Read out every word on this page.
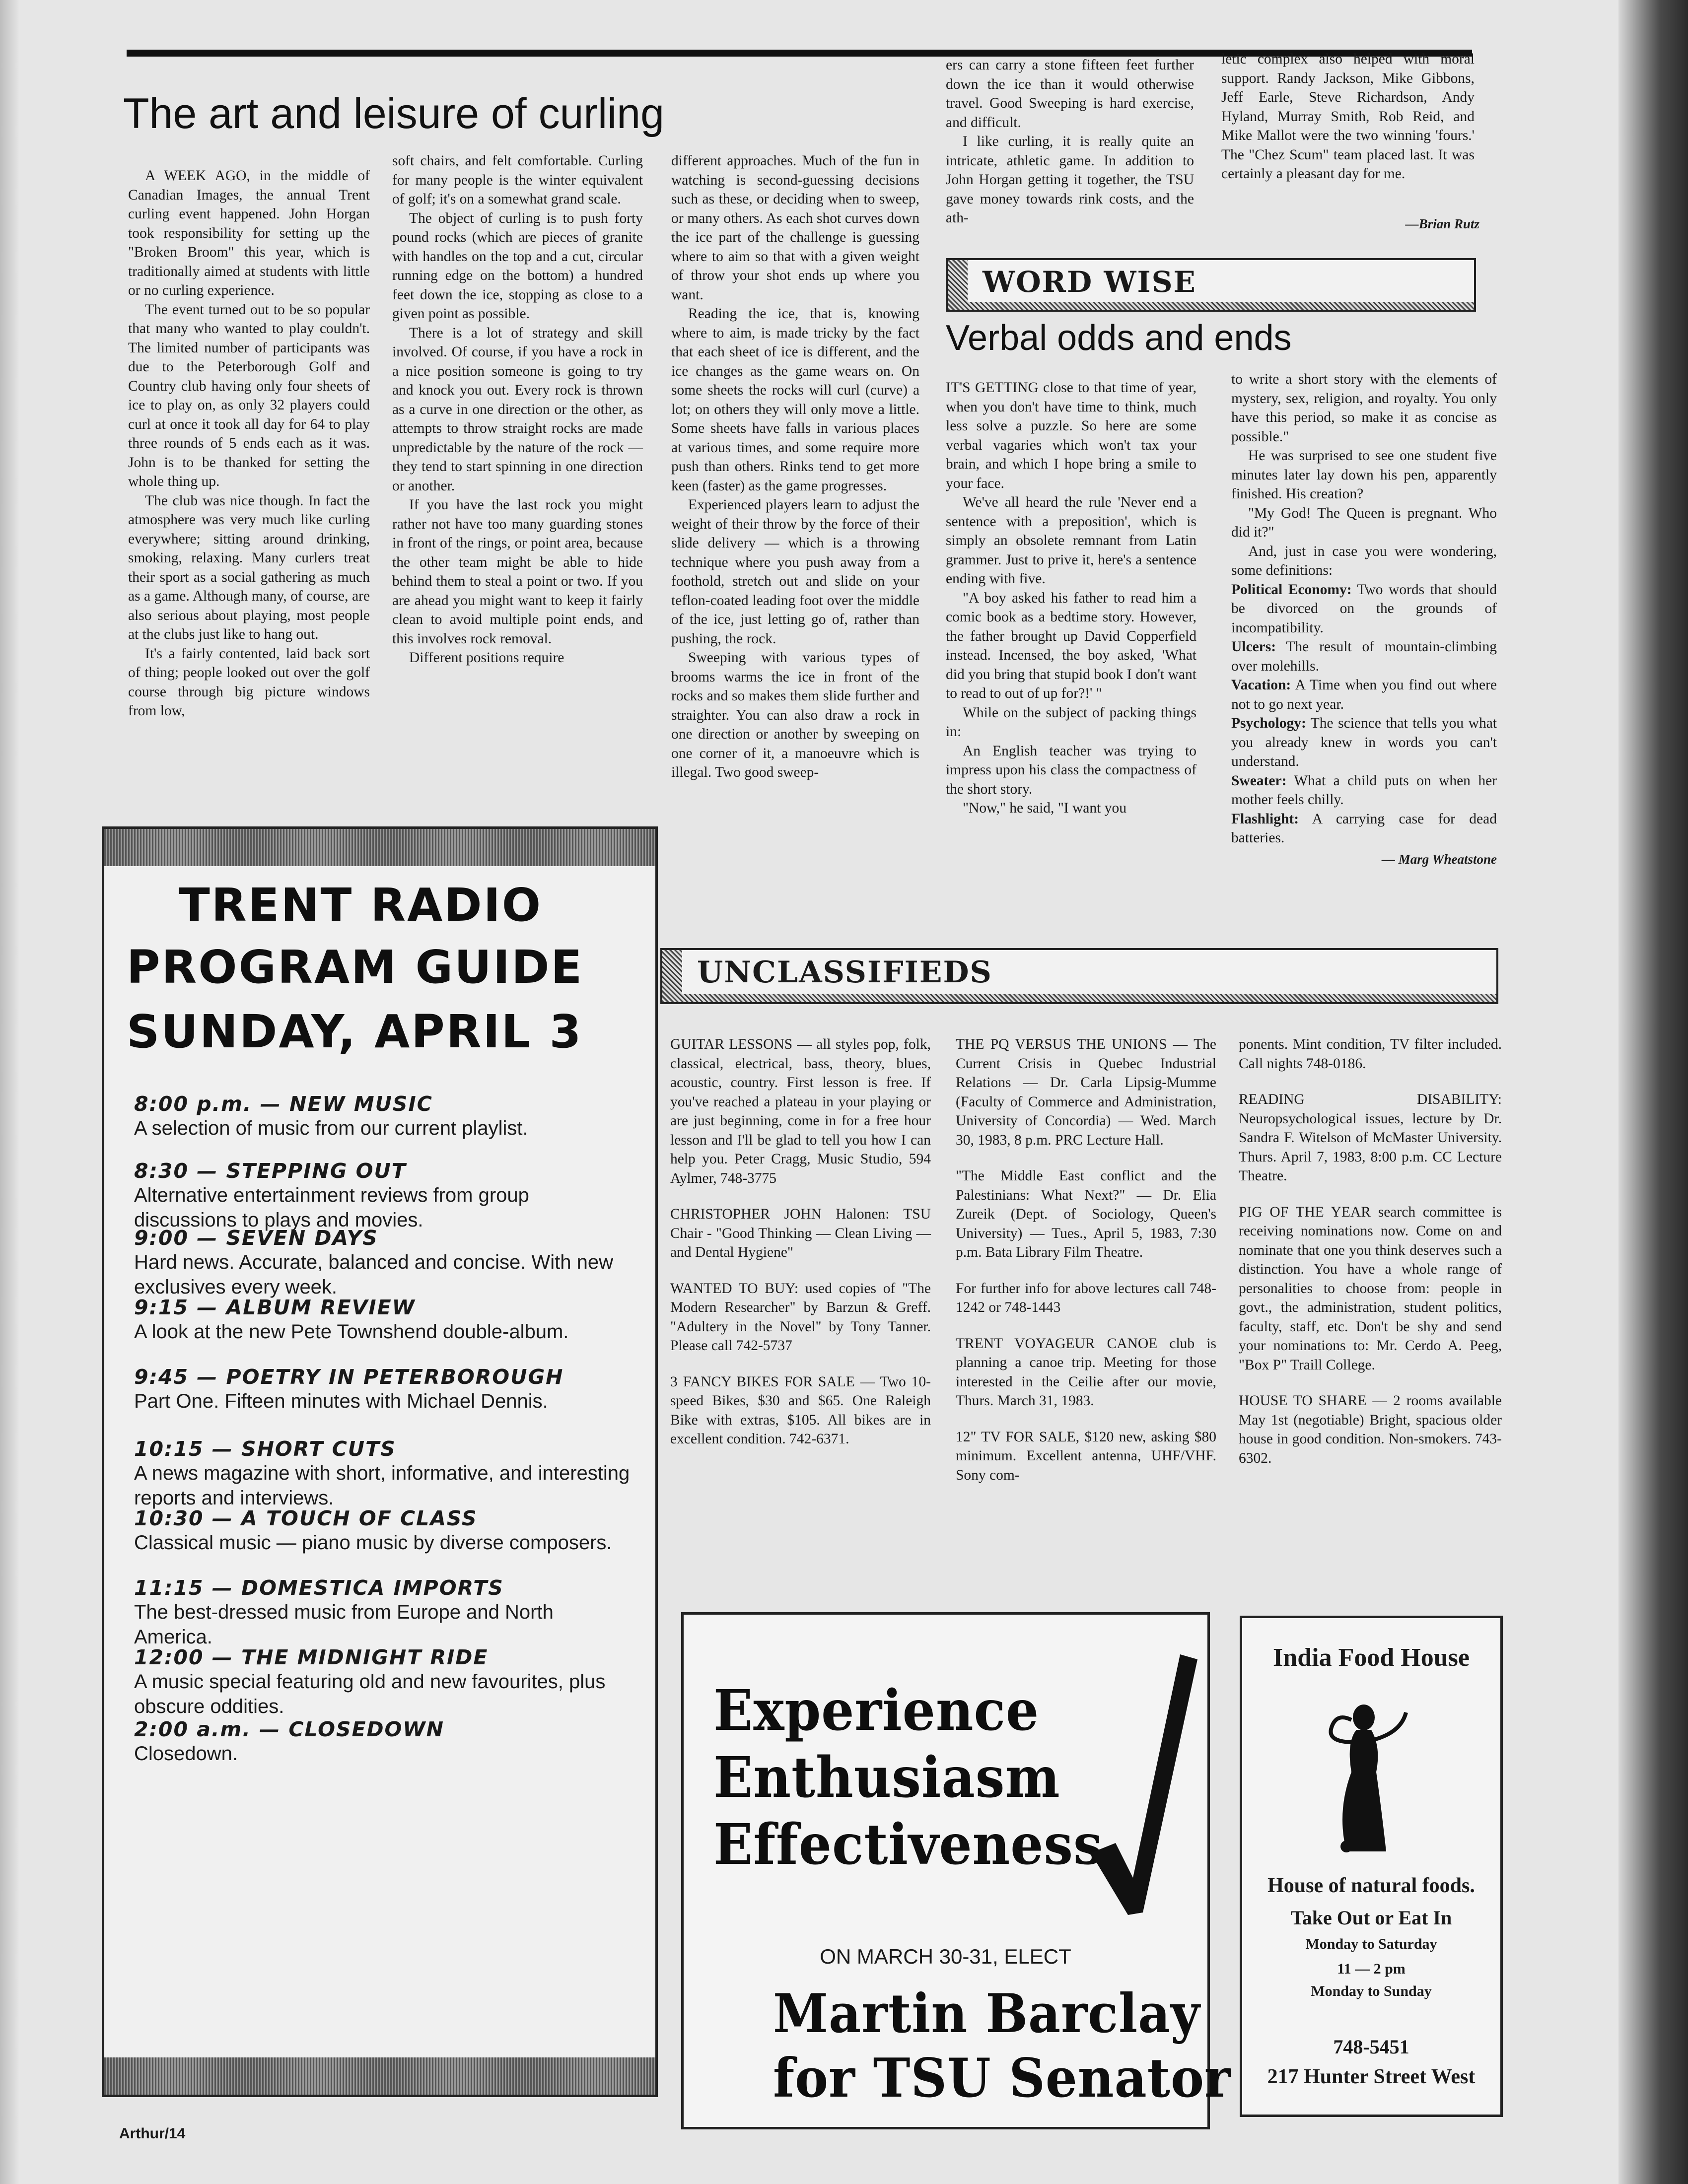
The art and leisure of curling

A WEEK AGO, in the middle of Canadian Images, the annual Trent curling event happened. John Horgan took responsibility for setting up the "Broken Broom" this year, which is traditionally aimed at students with little or no curling experience.

The event turned out to be so popular that many who wanted to play couldn't. The limited number of participants was due to the Peterborough Golf and Country club having only four sheets of ice to play on, as only 32 players could curl at once it took all day for 64 to play three rounds of 5 ends each as it was. John is to be thanked for setting the whole thing up.

The club was nice though. In fact the atmosphere was very much like curling everywhere; sitting around drinking, smoking, relaxing. Many curlers treat their sport as a social gathering as much as a game. Although many, of course, are also serious about playing, most people at the clubs just like to hang out.

It's a fairly contented, laid back sort of thing; people looked out over the golf course through big picture windows from low,

soft chairs, and felt comfortable. Curling for many people is the winter equivalent of golf; it's on a somewhat grand scale.

The object of curling is to push forty pound rocks (which are pieces of granite with handles on the top and a cut, circular running edge on the bottom) a hundred feet down the ice, stopping as close to a given point as possible.

There is a lot of strategy and skill involved. Of course, if you have a rock in a nice position someone is going to try and knock you out. Every rock is thrown as a curve in one direction or the other, as attempts to throw straight rocks are made unpredictable by the nature of the rock — they tend to start spinning in one direction or another.

If you have the last rock you might rather not have too many guarding stones in front of the rings, or point area, because the other team might be able to hide behind them to steal a point or two. If you are ahead you might want to keep it fairly clean to avoid multiple point ends, and this involves rock removal.

Different positions require

different approaches. Much of the fun in watching is second-guessing decisions such as these, or deciding when to sweep, or many others. As each shot curves down the ice part of the challenge is guessing where to aim so that with a given weight of throw your shot ends up where you want.

Reading the ice, that is, knowing where to aim, is made tricky by the fact that each sheet of ice is different, and the ice changes as the game wears on. On some sheets the rocks will curl (curve) a lot; on others they will only move a little. Some sheets have falls in various places at various times, and some require more push than others. Rinks tend to get more keen (faster) as the game progresses.

Experienced players learn to adjust the weight of their throw by the force of their slide delivery — which is a throwing technique where you push away from a foothold, stretch out and slide on your teflon-coated leading foot over the middle of the ice, just letting go of, rather than pushing, the rock.

Sweeping with various types of brooms warms the ice in front of the rocks and so makes them slide further and straighter. You can also draw a rock in one direction or another by sweeping on one corner of it, a manoeuvre which is illegal. Two good sweep-

ers can carry a stone fifteen feet further down the ice than it would otherwise travel. Good Sweeping is hard exercise, and difficult.

I like curling, it is really quite an intricate, athletic game. In addition to John Horgan getting it together, the TSU gave money towards rink costs, and the ath-

letic complex also helped with moral support. Randy Jackson, Mike Gibbons, Jeff Earle, Steve Richardson, Andy Hyland, Murray Smith, Rob Reid, and Mike Mallot were the two winning 'fours.' The "Chez Scum" team placed last. It was certainly a pleasant day for me.

—Brian Rutz
WORD WISE
Verbal odds and ends

IT'S GETTING close to that time of year, when you don't have time to think, much less solve a puzzle. So here are some verbal vagaries which won't tax your brain, and which I hope bring a smile to your face.

We've all heard the rule 'Never end a sentence with a preposition', which is simply an obsolete remnant from Latin grammer. Just to prive it, here's a sentence ending with five.

"A boy asked his father to read him a comic book as a bedtime story. However, the father brought up David Copperfield instead. Incensed, the boy asked, 'What did you bring that stupid book I don't want to read to out of up for?!' "

While on the subject of packing things in:

An English teacher was trying to impress upon his class the compactness of the short story.

"Now," he said, "I want you

to write a short story with the elements of mystery, sex, religion, and royalty. You only have this period, so make it as concise as possible."

He was surprised to see one student five minutes later lay down his pen, apparently finished. His creation?

"My God! The Queen is pregnant. Who did it?"

And, just in case you were wondering, some definitions:

Political Economy: Two words that should be divorced on the grounds of incompatibility.

Ulcers: The result of mountain-climbing over molehills.

Vacation: A Time when you find out where not to go next year.

Psychology: The science that tells you what you already knew in words you can't understand.

Sweater: What a child puts on when her mother feels chilly.

Flashlight: A carrying case for dead batteries.

— Marg Wheatstone
TRENT RADIO
PROGRAM GUIDE
SUNDAY, APRIL 3
8:00 p.m. — NEW MUSIC
A selection of music from our current playlist.
8:30 — STEPPING OUT
Alternative entertainment reviews from group discussions to plays and movies.
9:00 — SEVEN DAYS
Hard news. Accurate, balanced and concise. With new exclusives every week.
9:15 — ALBUM REVIEW
A look at the new Pete Townshend double-album.
9:45 — POETRY IN PETERBOROUGH
Part One. Fifteen minutes with Michael Dennis.
10:15 — SHORT CUTS
A news magazine with short, informative, and interesting reports and interviews.
10:30 — A TOUCH OF CLASS
Classical music — piano music by diverse composers.
11:15 — DOMESTICA IMPORTS
The best-dressed music from Europe and North America.
12:00 — THE MIDNIGHT RIDE
A music special featuring old and new favourites, plus obscure oddities.
2:00 a.m. — CLOSEDOWN
Closedown.
UNCLASSIFIEDS

GUITAR LESSONS — all styles pop, folk, classical, electrical, bass, theory, blues, acoustic, country. First lesson is free. If you've reached a plateau in your playing or are just beginning, come in for a free hour lesson and I'll be glad to tell you how I can help you. Peter Cragg, Music Studio, 594 Aylmer, 748-3775

CHRISTOPHER JOHN Halonen: TSU Chair - "Good Thinking — Clean Living — and Dental Hygiene"

WANTED TO BUY: used copies of "The Modern Researcher" by Barzun & Greff. "Adultery in the Novel" by Tony Tanner. Please call 742-5737

3 FANCY BIKES FOR SALE — Two 10-speed Bikes, $30 and $65. One Raleigh Bike with extras, $105. All bikes are in excellent condition. 742-6371.

THE PQ VERSUS THE UNIONS — The Current Crisis in Quebec Industrial Relations — Dr. Carla Lipsig-Mumme (Faculty of Commerce and Administration, University of Concordia) — Wed. March 30, 1983, 8 p.m. PRC Lecture Hall.

"The Middle East conflict and the Palestinians: What Next?" — Dr. Elia Zureik (Dept. of Sociology, Queen's University) — Tues., April 5, 1983, 7:30 p.m. Bata Library Film Theatre.

For further info for above lectures call 748-1242 or 748-1443

TRENT VOYAGEUR CANOE club is planning a canoe trip. Meeting for those interested in the Ceilie after our movie, Thurs. March 31, 1983.

12" TV FOR SALE, $120 new, asking $80 minimum. Excellent antenna, UHF/VHF. Sony com-

ponents. Mint condition, TV filter included. Call nights 748-0186.

READING DISABILITY: Neuropsychological issues, lecture by Dr. Sandra F. Witelson of McMaster University. Thurs. April 7, 1983, 8:00 p.m. CC Lecture Theatre.

PIG OF THE YEAR search committee is receiving nominations now. Come on and nominate that one you think deserves such a distinction. You have a whole range of personalities to choose from: people in govt., the administration, student politics, faculty, staff, etc. Don't be shy and send your nominations to: Mr. Cerdo A. Peeg, "Box P" Traill College.

HOUSE TO SHARE — 2 rooms available May 1st (negotiable) Bright, spacious older house in good condition. Non-smokers. 743-6302.

Experience
Enthusiasm
Effectiveness
ON MARCH 30-31, ELECT
Martin Barclay
for TSU Senator
India Food House
House of natural foods.
Take Out or Eat In
Monday to Saturday
11 — 2 pm
Monday to Sunday
748-5451
217 Hunter Street West
Arthur/14
